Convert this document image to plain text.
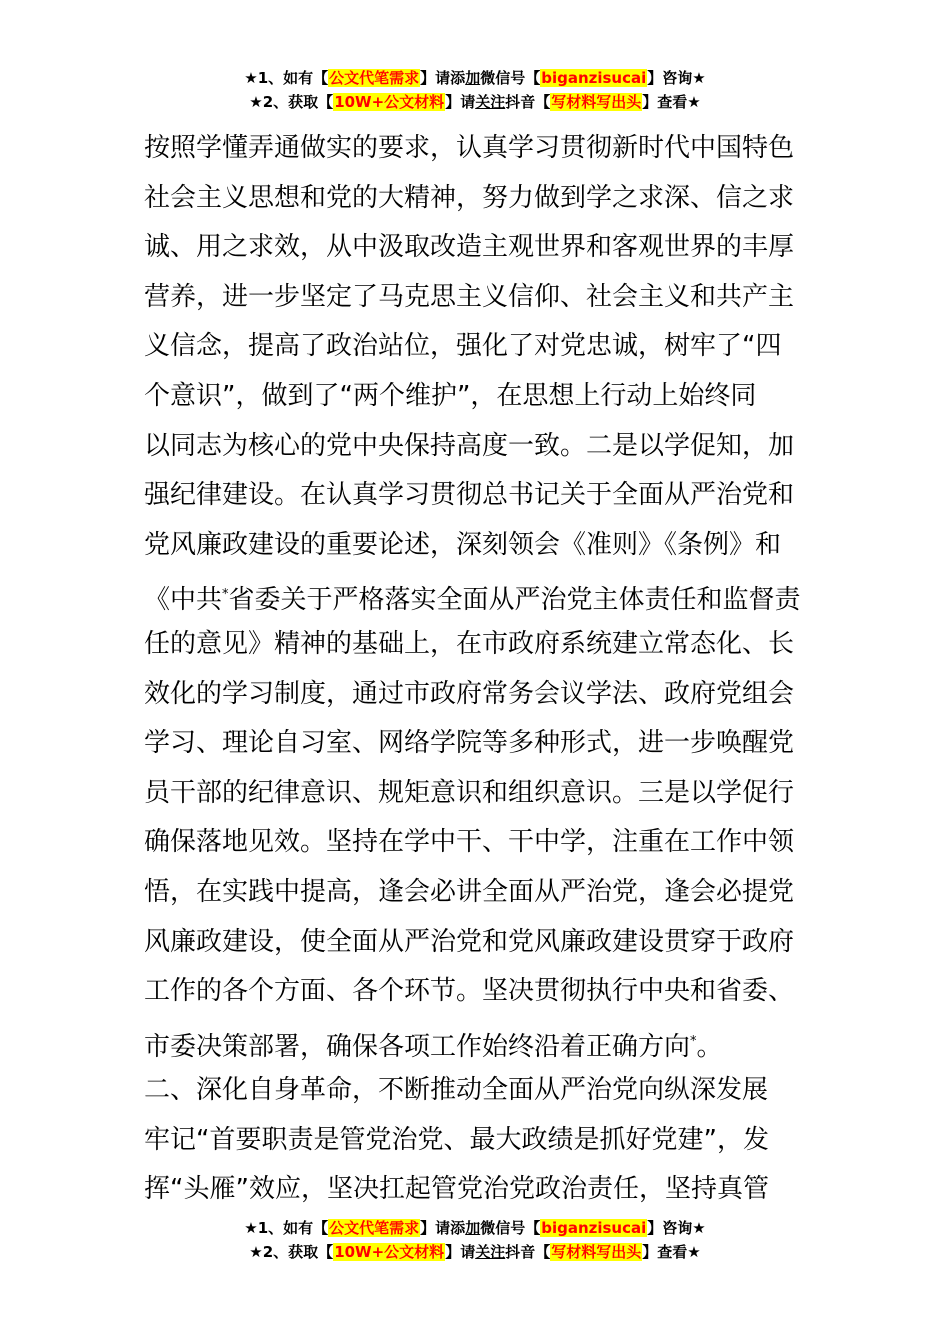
★1、如有【公文代笔需求】请添加微信号【biganzisucai】咨询★
★2、获取【10W+公文材料】请关注抖音【写材料写出头】查看★
按照学懂弄通做实的要求，认真学习贯彻新时代中国特色
社会主义思想和党的大精神，努力做到学之求深、信之求
诚、用之求效，从中汲取改造主观世界和客观世界的丰厚
营养，进一步坚定了马克思主义信仰、社会主义和共产主
义信念，提高了政治站位，强化了对党忠诚，树牢了“四
个意识”，做到了“两个维护”，在思想上行动上始终同
以同志为核心的党中央保持高度一致。二是以学促知，加
强纪律建设。在认真学习贯彻总书记关于全面从严治党和
党风廉政建设的重要论述，深刻领会《准则》《条例》和
《中共*省委关于严格落实全面从严治党主体责任和监督责
任的意见》精神的基础上，在市政府系统建立常态化、长
效化的学习制度，通过市政府常务会议学法、政府党组会
学习、理论自习室、网络学院等多种形式，进一步唤醒党
员干部的纪律意识、规矩意识和组织意识。三是以学促行
确保落地见效。坚持在学中干、干中学，注重在工作中领
悟，在实践中提高，逢会必讲全面从严治党，逢会必提党
风廉政建设，使全面从严治党和党风廉政建设贯穿于政府
工作的各个方面、各个环节。坚决贯彻执行中央和省委、
市委决策部署，确保各项工作始终沿着正确方向*。
二、深化自身革命，不断推动全面从严治党向纵深发展
牢记“首要职责是管党治党、最大政绩是抓好党建”，发
挥“头雁”效应，坚决扛起管党治党政治责任，坚持真管
★1、如有【公文代笔需求】请添加微信号【biganzisucai】咨询★
★2、获取【10W+公文材料】请关注抖音【写材料写出头】查看★
